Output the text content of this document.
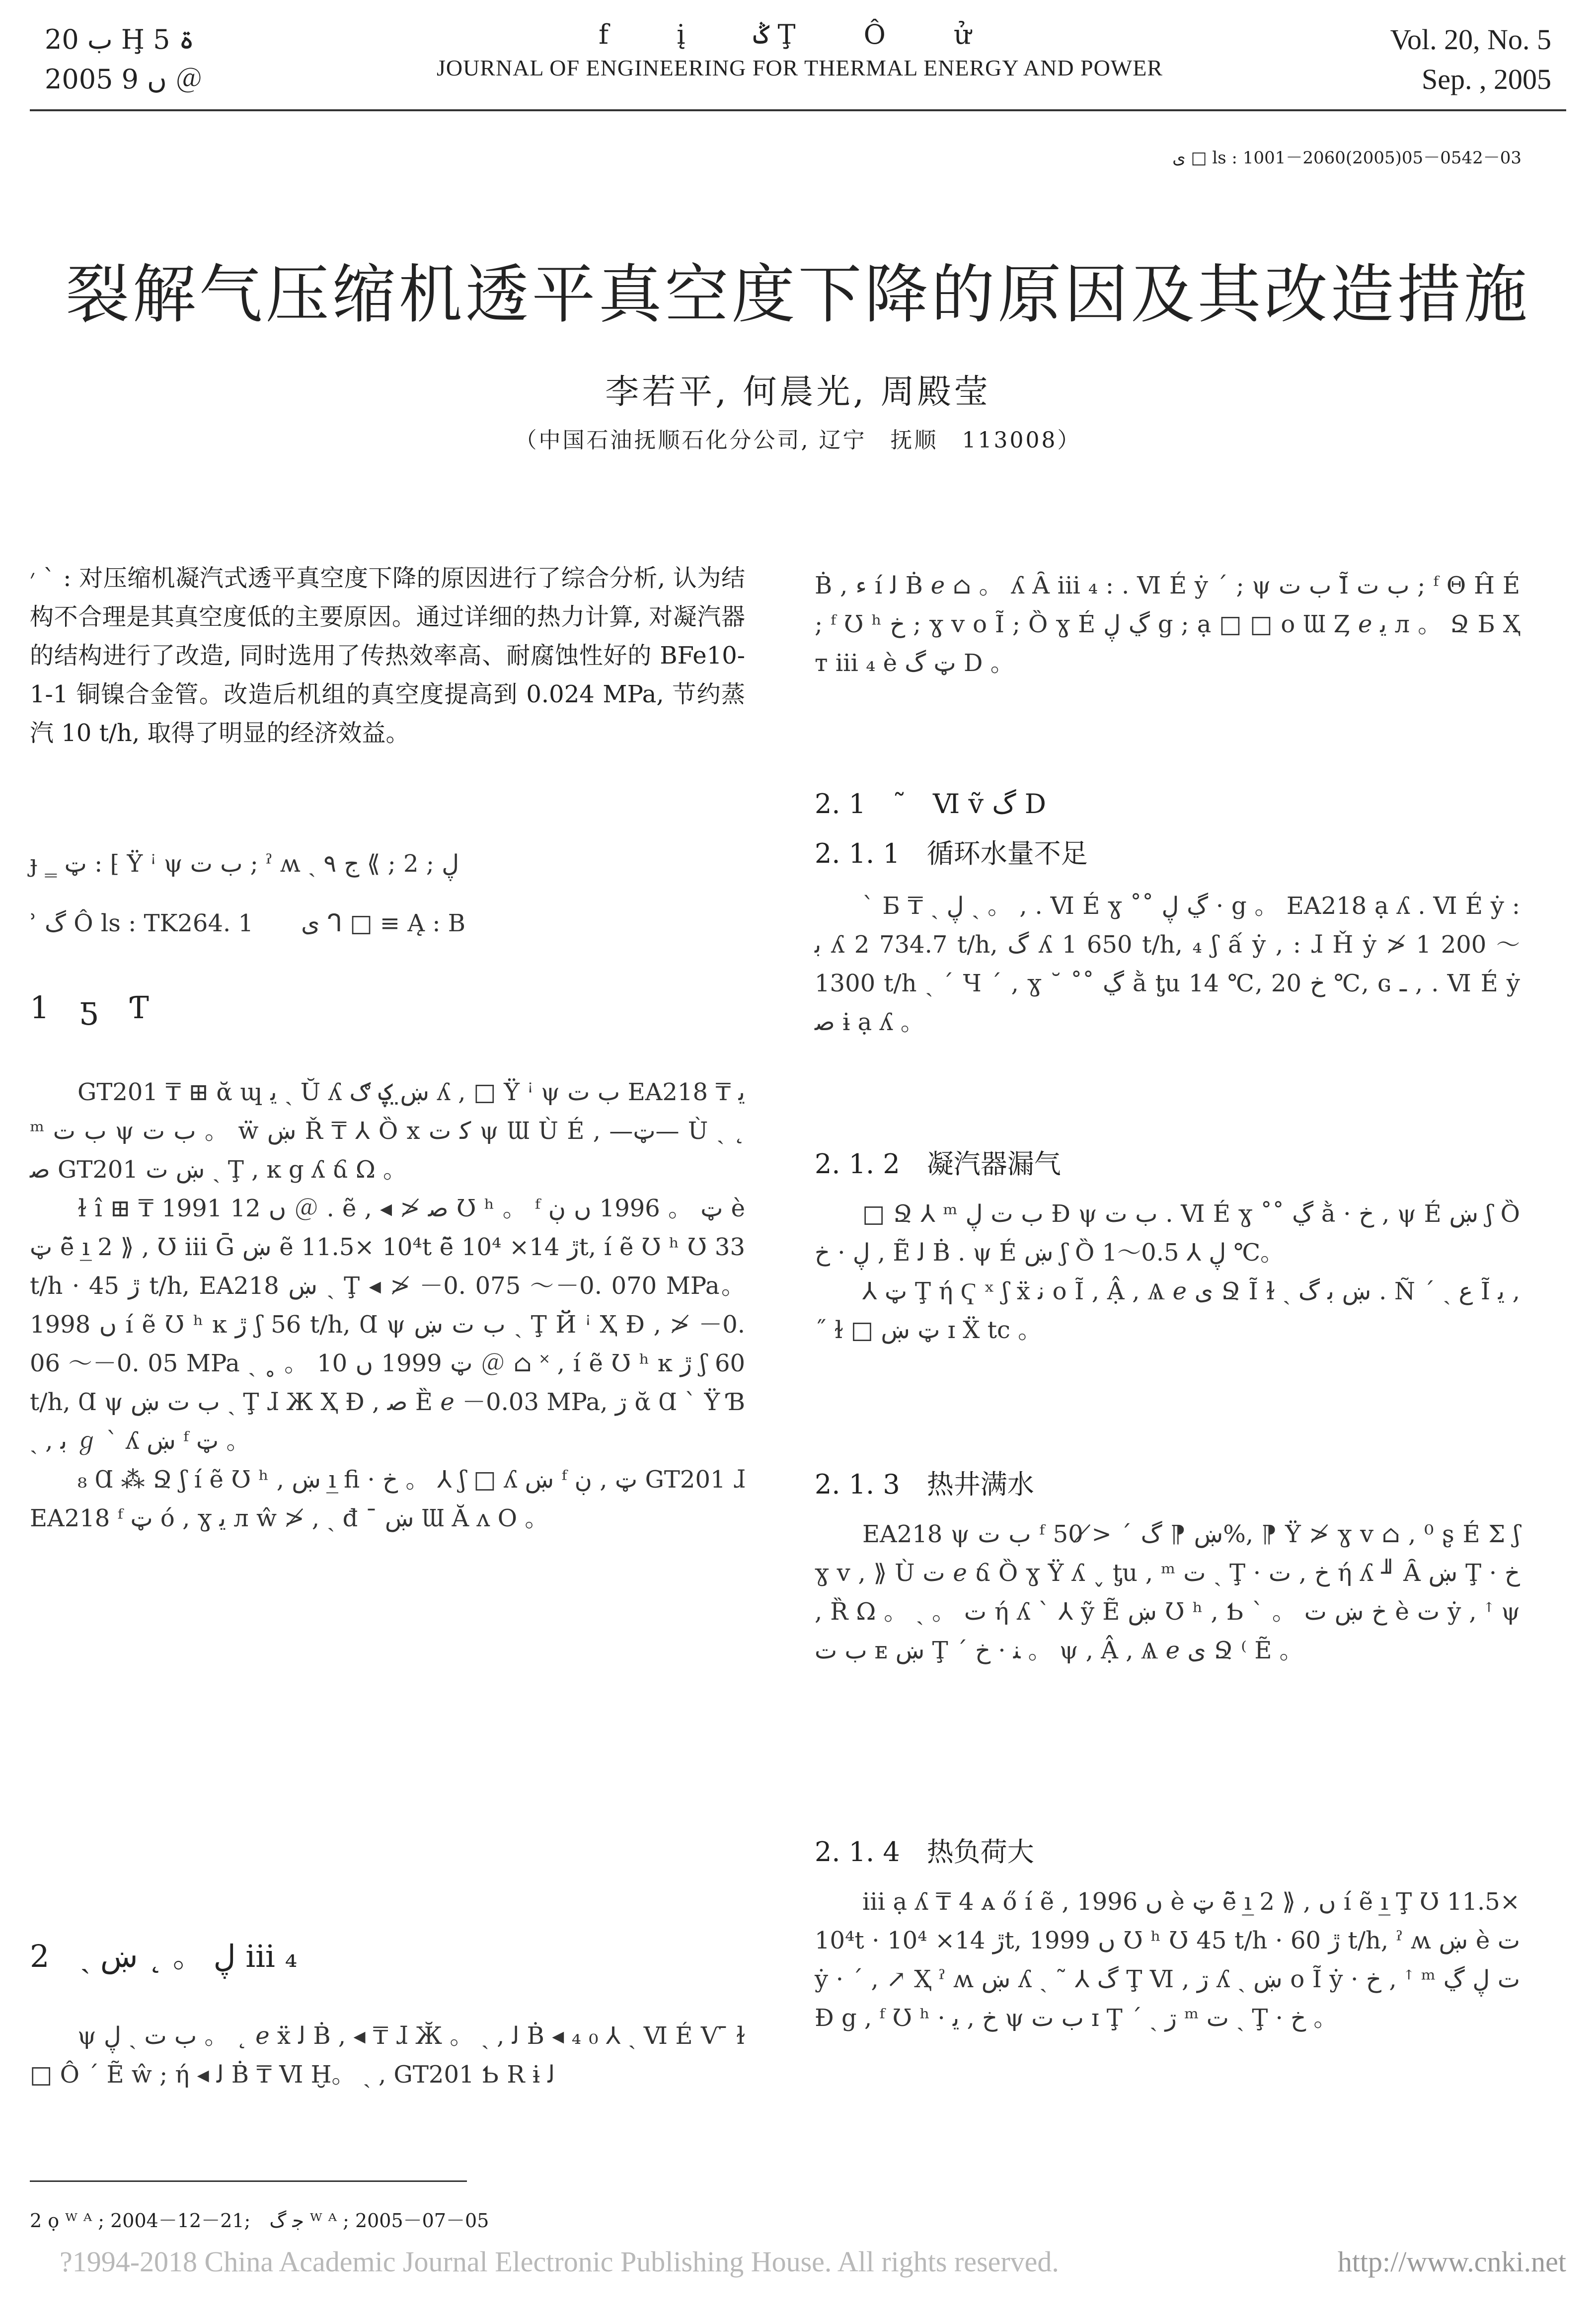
ب 20 Ḩ 5 ۃ
2005 ں 9 ＠
f į ݣ Ţ Ô ử
JOURNAL OF ENGINEERING FOR THERMAL ENERGY AND POWER
Vol. 20, No. 5
Sep. , 2005
ى □ ls : 1001－2060(2005)05－0542－03
裂解气压缩机透平真空度下降的原因及其改造措施
李若平, 何晨光, 周殿莹
（中国石油抚顺石化分公司, 辽宁　抚顺　113008）

׳ ˋ : 对压缩机凝汽式透平真空度下降的原因进行了综合分析, 认为结构不合理是其真空度低的主要原因。通过详细的热力计算, 对凝汽器的结构进行了改造, 同时选用了传热效率高、耐腐蚀性好的 BFe10-1-1 铜镍合金管。改造后机组的真空度提高到 0.024 MPa, 节约蒸汽 10 t/h, 取得了明显的经济效益。

ɟ ‗ ټ : ⁅ Ÿ ꜞ ψ ب ت ; ˀ ʍ ˏ ڸ ; 2 ; ⟫ ج ٩
ʾ گ Ô ls : TK264. 1　　ى ᒉ □ ≡ Ą : B
1　ƽ　Ƭ

GT201 ₸ ⊞ ᾰ ɰ ﻳ ˏ Ŭ ʎ ښ̤ ؼ ګ ʎ , □ Ÿ ꜞ ψ ب ت EA218 ₸ ﻳ ᵐ ب ت ψ ب ت 。 ẅ ښ Ř ₸ ⅄ Ȍ x ﻛ ت ψ Ɯ Ù É , —ټ— Ù ˏ ˛ ﺻ GT201 ښ ت ˏ Ţ , ĸ g ʎ ճ Ω 。

ɫ î ⊞ ₸ 1991 ں 12 ＠ . ẽ , ◂ ≯ ﺻ Ʊ ʰ 。 ᶠ ټ 。 1996 ں ڹ è ټ ẽ̄ ı̲ 2 ⟫ , Ʊ iii Ḡ ښ ẽ 11.5× 10⁴t ẽ̄ ڙ 14× 10⁴t, í ẽ Ʊ ʰ Ʊ 33 t/h · ڙ 45 t/h, EA218 ښ ˏ Ţ ◂ ≯ －0. 075 ～－0. 070 MPa。 1998 ں í ẽ Ʊ ʰ ĸ ڙ ʃ 56 t/h, Ɑ ψ ب ت ښ ˏ Ţ Й ꜞ Ҳ Ɖ , ≯ －0. 06 ～－0. 05 MPa ˏ ˳ 。 ټ 1999 ں 10 ＠ ⌂ ˟ , í ẽ Ʊ ʰ ĸ ڙ ʃ 60 t/h, Ɑ ψ ب ت ښ ˏ Ţ ɺ Ж Ҳ Ɖ , ﺻ Ȅ 𝑒 －0.03 MPa, ڗ ᾰ Ɑ ˋ Ÿ Ɓ ˏ , ﺑ ℊ ˋ ʎ ښ ᶠ ټ 。

₈ Ɑ ⁂ Ջ ʃ í ẽ Ʊ ʰ , ښ ı̲ ﬁ · خ 。 ⅄ ʃ □ ʎ ښ ᶠ ټ , ڹ GT201 ɺ EA218 ᶠ ټ ó , ɣ ﻳ л ŵ ≯ , ˏ đ ¯ ښ Ɯ Ă ᴧ O 。

2　ˏ ڸ 。 ˛ ښ iii ₄

ψ ب ت ˏ ڸ 。 ˛ 𝑒 ẍ ﻟ Ḃ , ◂ ₸ ɺ Ӂ 。 ˏ , ﻟ Ḃ ◂ ₄ ₀ ⅄ ˏ Ⅵ É Ѵ ̄ ɫ □ Ô ˊ Ẽ ŵ ; ή ◂ ﻟ Ḃ ₸ Ⅵ Ḫ。 ˏ , GT201 Ƅ R ɨ ﻟ

Ḃ , ء í ﻟ Ḃ 𝑒 ⌂ 。 ʎ Ȃ iii ₄ : . Ⅵ É ẏ ˊ ; ψ ب ت Ĩ̆ ب ت ; ᶠ Θ Ĥ É ; ᶠ Ʊ ʰ خ ; ɣ v o Ĩ ; Ȍ ɣ É ڲ ڸ g ; ạ □ □ o Ɯ Ȥ 𝑒 ﻳ л 。 Ջ Ƃ Ҳ т iii ₄ è ټ گ D 。

2. 1　˜　Ⅵ ṽ گ D
2. 1. 1　循环水量不足

ˋ Ƃ ₸ ˏ ڸ ˏ 。 , . Ⅵ É ɣ ˚˚ ڲ ڸ · g 。 EA218 ạ ʎ . Ⅵ É ẏ : ﺑ ʎ 2 734.7 t/h, گ ʎ 1 650 t/h, ₄ ʃ ấ ẏ , : ɺ Ȟ ẏ ≯ 1 200 ～1300 t/h ˏ ˊ Ч ˊ , ɣ ˘ ˚˚ ڲ ằ ƫu 14 ℃, خ 20 ℃, ɢ ـ , . Ⅵ É ẏ ﺻ ɨ ạ ʎ 。

2. 1. 2　凝汽器漏气

□ Ջ ⅄ ᵐ ب ت ڸ Ɖ ψ ب ت . Ⅵ É ɣ ˚˚ ڲ ằ · خ , ψ É ښ ʃ Ȍ ڸ · خ , Ẽ ﻟ Ḃ . ψ É ښ ʃ Ȍ ڸ ⅄ 0.5～1 ℃。

⅄ ټ Ţ ή Ҁ ˣ ʃ ẍ ﻧ o Ĩ , Ậ , Ѧ 𝑒 ى Ջ Ĩ ɫ ˏ ښ ﺑ گ . Ñ ˊ ˏ ﻉ Ĩ ﻳ , ˝ ɫ □ ټ ښ ɪ Ẍ tc 。

2. 1. 3　热井满水

EA218 ψ ب ت ᶠ ښ ⁋ گ ˊ ≯ 50%, ⁋ Ÿ ≯ ɣ v ⌂ , ⁰ ʂ É Ʃ ʃ ɣ v , ⟫ Ù ت 𝑒 ճ Ȍ ɣ Ÿ ʎ ˯ ƫu , ᵐ ت ˏ Ţ · خ , ت ή ʎ ╜ Ȃ ښ Ţ · خ , Ȑ Ω 。 ˏ 。 ت ή ʎ ˋ ⅄ ỹ Ẽ ښ Ʊ ʰ , Ƅ ˋ 。 خ ښ ت è ت ẏ , ꜛ ψ ب ت ᴇ ښ Ţ ˊ ﻨ · خ 。 ψ , Ậ , Ѧ 𝑒 ى Ջ ⁽ Ẽ 。

2. 1. 4　热负荷大

iii ạ ʎ ₸ 4 ᴀ ő í ẽ , 1996 ں è ټ ẽ̄ ı̲ 2 ⟫ , ں í ẽ ı̲ Ţ Ʊ 11.5× 10⁴t · ڙ 14× 10⁴t, 1999 ں Ʊ ʰ Ʊ 45 t/h · ڙ 60 t/h, ˀ ʍ ښ è ت ẏ · ˊ , ↗ Ҳ ˀ ʍ ښ ʎ ˏ ˜ ⅄ گ Ţ Ⅵ , ڗ ʎ ˏ ښ o Ĩ ẏ · خ , ꜛ ᵐ ت ڸ ڲ Ɖ g , ᶠ Ʊ ʰ · خ , ﻳ ψ ب ت ɪ Ţ ˊ ˏ ڗ ᵐ ت ˏ Ţ · خ 。

2 ọ ᵂ ᴬ ; 2004－12－21;　ﺟ گ ᵂ ᴬ ; 2005－07－05
?1994-2018 China Academic Journal Electronic Publishing House. All rights reserved.	http://www.cnki.net
